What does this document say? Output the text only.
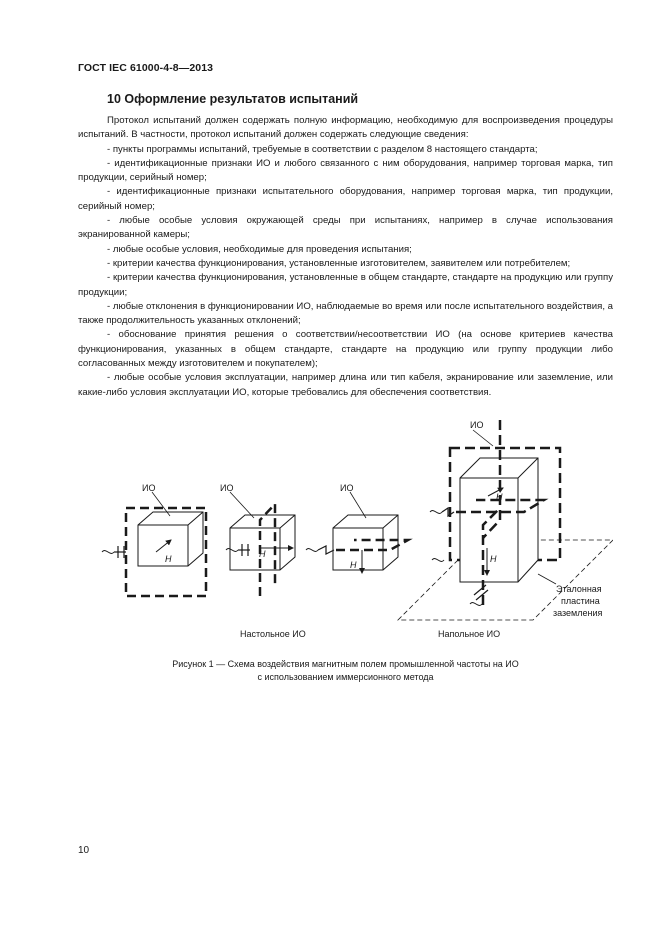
ГОСТ IEC 61000-4-8—2013
10 Оформление результатов испытаний

Протокол испытаний должен содержать полную информацию, необходимую для воспроизведения процедуры испытаний. В частности, протокол испытаний должен содержать следующие сведения:

- пункты программы испытаний, требуемые в соответствии с разделом 8 настоящего стандарта;

- идентификационные признаки ИО и любого связанного с ним оборудования, например торговая марка, тип продукции, серийный номер;

- идентификационные признаки испытательного оборудования, например торговая марка, тип продукции, серийный номер;

- любые особые условия окружающей среды при испытаниях, например в случае использования экранированной камеры;

- любые особые условия, необходимые для проведения испытания;

- критерии качества функционирования, установленные изготовителем, заявителем или потребителем;

- критерии качества функционирования, установленные в общем стандарте, стандарте на продукцию или группу продукции;

- любые отклонения в функционировании ИО, наблюдаемые во время или после испытательного воздействия, а также продолжительность указанных отклонений;

- обоснование принятия решения о соответствии/несоответствии ИО (на основе критериев качества функционирования, указанных в общем стандарте, стандарте на продукцию или группу продукции либо согласованных между изготовителем и покупателем);

- любые особые условия эксплуатации, например длина или тип кабеля, экранирование или заземление, или какие-либо условия эксплуатации ИО, которые требовались для обеспечения соответствия.

ИО	ИО	ИО
ИО
H	H
H
H
H
Настольное ИО	Напольное ИО
Эталонная
пластина
заземления
Рисунок 1 — Схема воздействия магнитным полем промышленной частоты на ИО
с использованием иммерсионного метода
10
